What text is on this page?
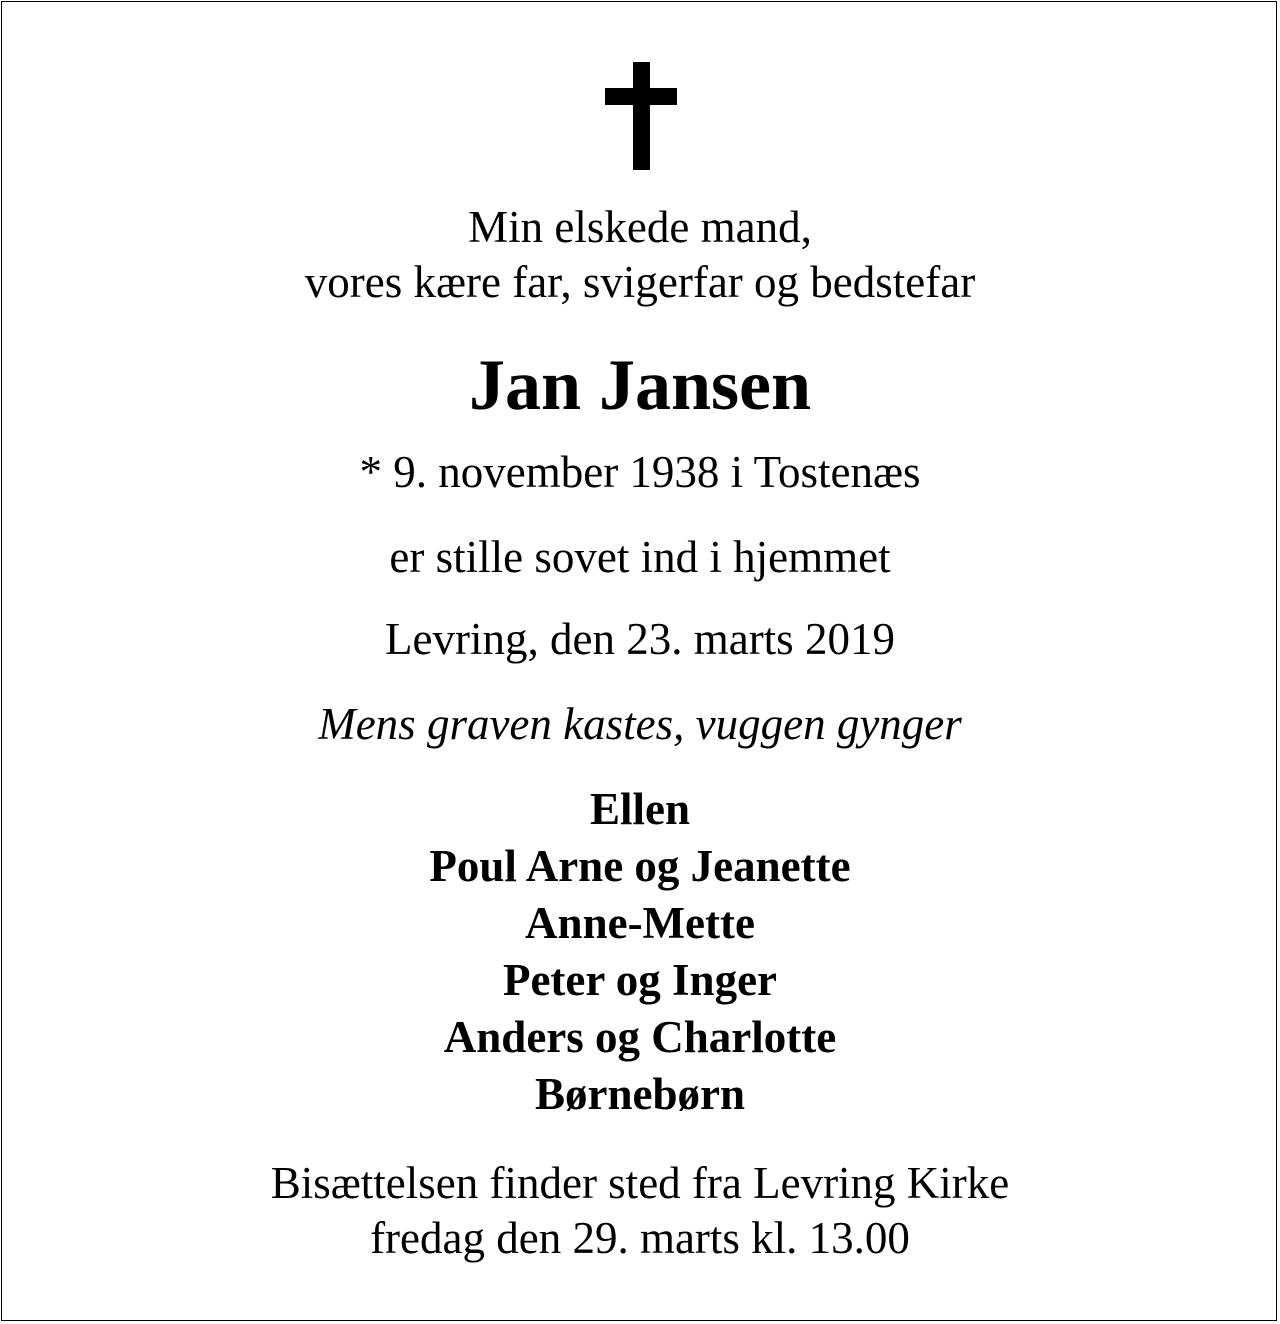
Min elskede mand,
vores kære far, svigerfar og bedstefar
Jan Jansen
* 9. november 1938 i Tostenæs
er stille sovet ind i hjemmet
Levring, den 23. marts 2019
Mens graven kastes, vuggen gynger
Ellen
Poul Arne og Jeanette
Anne-Mette
Peter og Inger
Anders og Charlotte
Børnebørn
Bisættelsen finder sted fra Levring Kirke
fredag den 29. marts kl. 13.00
